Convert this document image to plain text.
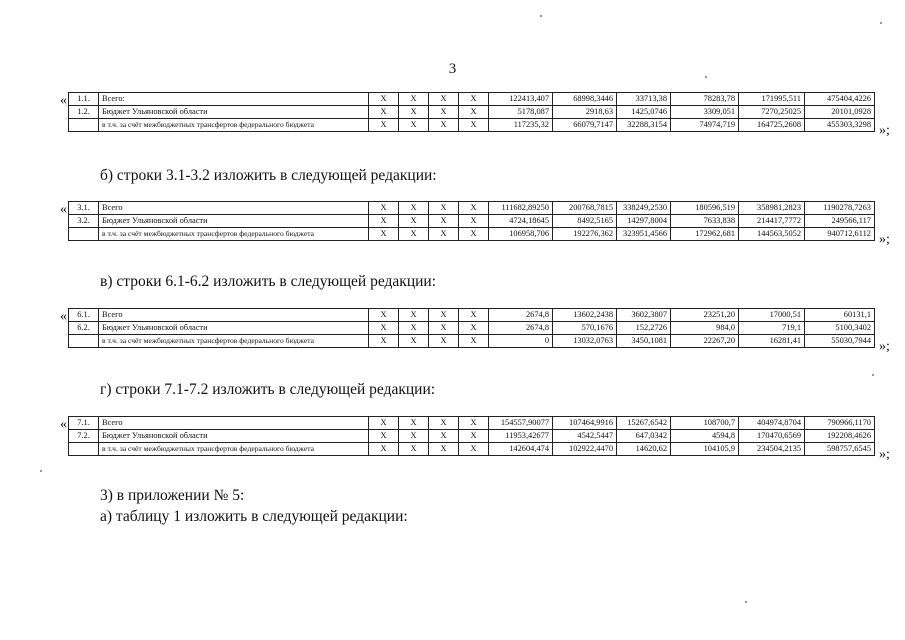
3
« 1.1.	Всего:	X	X	X	X	122413,407	68998,3446	33713,38	78283,78	171995,511	475404,4226
1.2.	Бюджет Ульяновской области	X	X	X	X	5178,087	2918,63	1425,0746	3309,051	7270,25025	20101,0928
	в т.ч. за счёт межбюджетных трансфертов федерального бюджета	X	X	X	X	117235,32	66079,7147	32288,3154	74974,719	164725,2608	455303,3298 »;
« 3.1.	Всего	X	X	X	X	111682,89250	200768,7815	338249,2530	180596,519	358981,2823	1190278,7263
3.2.	Бюджет Ульяновской области	X	X	X	X	4724,18645	8492,5165	14297,8004	7633,838	214417,7772	249566,117
	в т.ч. за счёт межбюджетных трансфертов федерального бюджета	X	X	X	X	106958,706	192276,362	323951,4566	172962,681	144563,5052	940712,6112 »;
« 6.1.	Всего	X	X	X	X	2674,8	13602,2438	3602,3807	23251,20	17000,51	60131,1
6.2.	Бюджет Ульяновской области	X	X	X	X	2674,8	570,1676	152,2726	984,0	719,1	5100,3402
	в т.ч. за счёт межбюджетных трансфертов федерального бюджета	X	X	X	X	0	13032,0763	3450,1081	22267,20	16281,41	55030,7944 »;
« 7.1.	Всего	X	X	X	X	154557,90077	107464,9916	15267,6542	108700,7	404974,8704	790966,1170
7.2.	Бюджет Ульяновской области	X	X	X	X	11953,42677	4542,5447	647,0342	4594,8	170470,6569	192208,4626
	в т.ч. за счёт межбюджетных трансфертов федерального бюджета	X	X	X	X	142604,474	102922,4470	14620,62	104105,9	234504,2135	598757,6545 »;
б) строки 3.1-3.2 изложить в следующей редакции:
в) строки 6.1-6.2 изложить в следующей редакции:
г) строки 7.1-7.2 изложить в следующей редакции:
3) в приложении № 5:
а) таблицу 1 изложить в следующей редакции:
